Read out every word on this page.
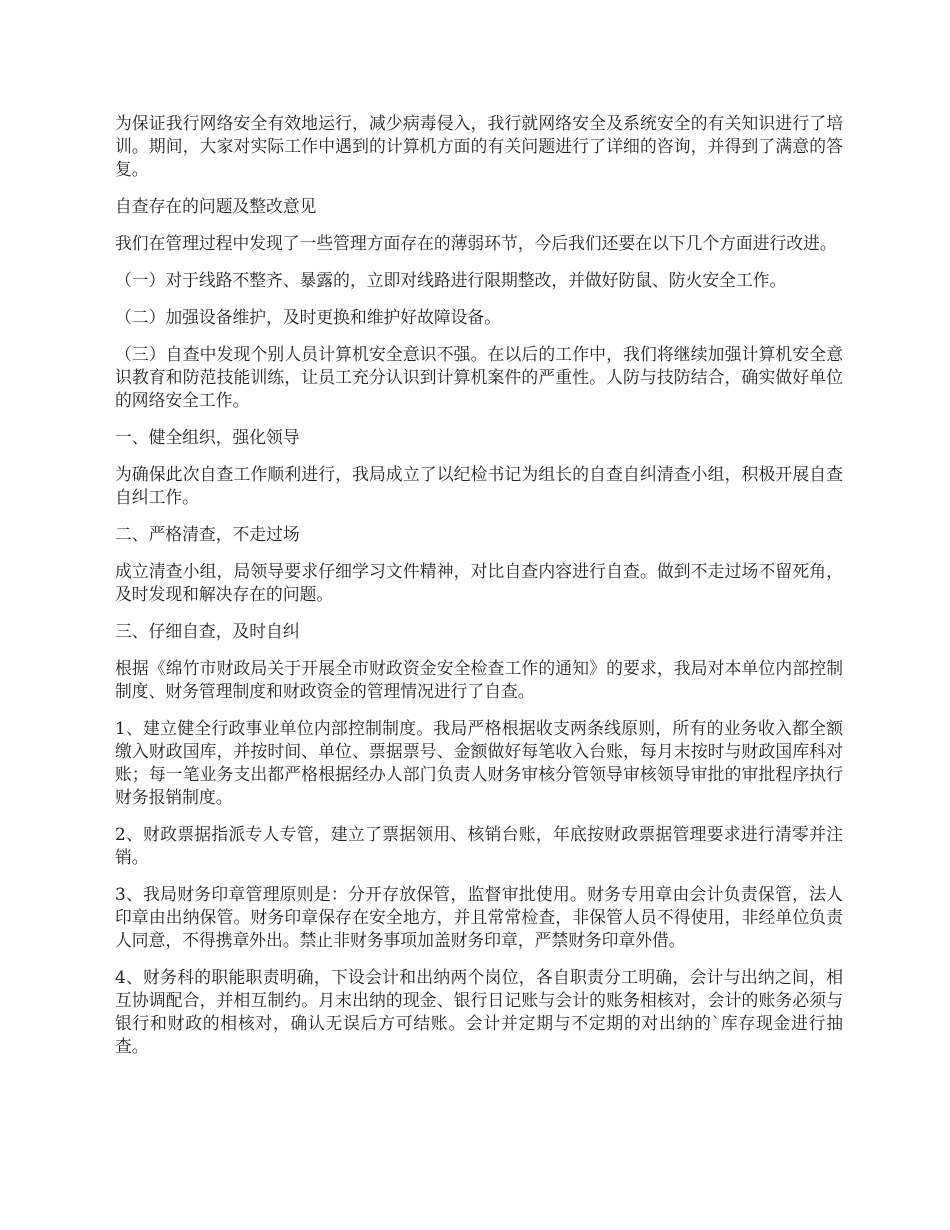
为保证我行网络安全有效地运行，减少病毒侵入，我行就网络安全及系统安全的有关知识进行了培训。期间，大家对实际工作中遇到的计算机方面的有关问题进行了详细的咨询，并得到了满意的答复。

自查存在的问题及整改意见

我们在管理过程中发现了一些管理方面存在的薄弱环节，今后我们还要在以下几个方面进行改进。

（一）对于线路不整齐、暴露的，立即对线路进行限期整改，并做好防鼠、防火安全工作。

（二）加强设备维护，及时更换和维护好故障设备。

（三）自查中发现个别人员计算机安全意识不强。在以后的工作中，我们将继续加强计算机安全意识教育和防范技能训练，让员工充分认识到计算机案件的严重性。人防与技防结合，确实做好单位的网络安全工作。

一、健全组织，强化领导

为确保此次自查工作顺利进行，我局成立了以纪检书记为组长的自查自纠清查小组，积极开展自查自纠工作。

二、严格清查，不走过场

成立清查小组，局领导要求仔细学习文件精神，对比自查内容进行自查。做到不走过场不留死角，及时发现和解决存在的问题。

三、仔细自查，及时自纠

根据《绵竹市财政局关于开展全市财政资金安全检查工作的通知》的要求，我局对本单位内部控制制度、财务管理制度和财政资金的管理情况进行了自查。

1、建立健全行政事业单位内部控制制度。我局严格根据收支两条线原则，所有的业务收入都全额缴入财政国库，并按时间、单位、票据票号、金额做好每笔收入台账，每月末按时与财政国库科对账；每一笔业务支出都严格根据经办人部门负责人财务审核分管领导审核领导审批的审批程序执行财务报销制度。

2、财政票据指派专人专管，建立了票据领用、核销台账，年底按财政票据管理要求进行清零并注销。

3、我局财务印章管理原则是：分开存放保管，监督审批使用。财务专用章由会计负责保管，法人印章由出纳保管。财务印章保存在安全地方，并且常常检查，非保管人员不得使用，非经单位负责人同意，不得携章外出。禁止非财务事项加盖财务印章，严禁财务印章外借。

4、财务科的职能职责明确，下设会计和出纳两个岗位，各自职责分工明确，会计与出纳之间，相互协调配合，并相互制约。月末出纳的现金、银行日记账与会计的账务相核对，会计的账务必须与银行和财政的相核对，确认无误后方可结账。会计并定期与不定期的对出纳的`库存现金进行抽查。
